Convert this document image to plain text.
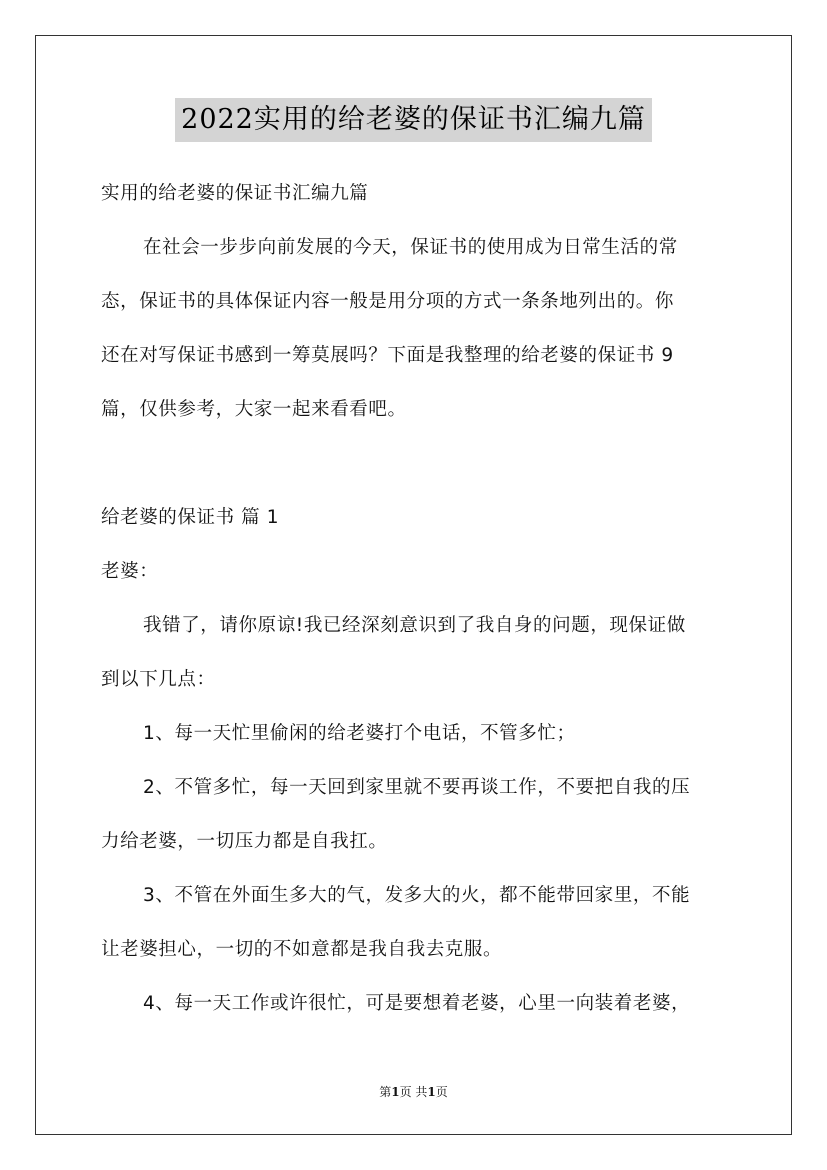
2022实用的给老婆的保证书汇编九篇

实用的给老婆的保证书汇编九篇

在社会一步步向前发展的今天，保证书的使用成为日常生活的常

态，保证书的具体保证内容一般是用分项的方式一条条地列出的。你

还在对写保证书感到一筹莫展吗？下面是我整理的给老婆的保证书 9

篇，仅供参考，大家一起来看看吧。

给老婆的保证书 篇 1

老婆：

我错了，请你原谅!我已经深刻意识到了我自身的问题，现保证做

到以下几点：

1、每一天忙里偷闲的给老婆打个电话，不管多忙；

2、不管多忙，每一天回到家里就不要再谈工作，不要把自我的压

力给老婆，一切压力都是自我扛。

3、不管在外面生多大的气，发多大的火，都不能带回家里，不能

让老婆担心，一切的不如意都是我自我去克服。

4、每一天工作或许很忙，可是要想着老婆，心里一向装着老婆，

第1页 共1页
